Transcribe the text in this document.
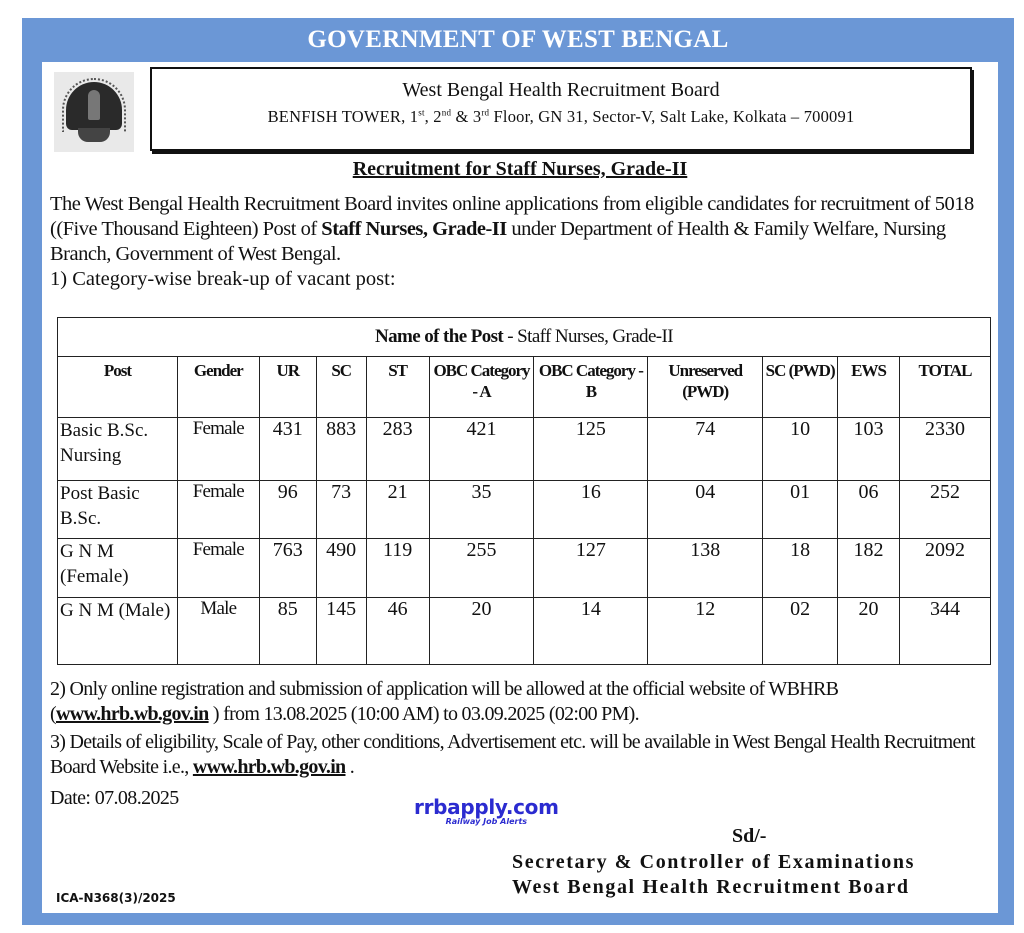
GOVERNMENT OF WEST BENGAL
West Bengal Health Recruitment Board
BENFISH TOWER, 1st, 2nd & 3rd Floor, GN 31, Sector-V, Salt Lake, Kolkata – 700091
Recruitment for Staff Nurses, Grade-II
The West Bengal Health Recruitment Board invites online applications from eligible candidates for recruitment of 5018 ((Five Thousand Eighteen) Post of Staff Nurses, Grade-II under Department of Health & Family Welfare, Nursing Branch, Government of West Bengal.
1) Category-wise break-up of vacant post:
Name of the Post - Staff Nurses, Grade-II										
Post	Gender	UR	SC	ST	OBC Category - A	OBC Category - B	Unreserved (PWD)	SC (PWD)	EWS	TOTAL
Basic B.Sc. Nursing	Female	431	883	283	421	125	74	10	103	2330
Post Basic B.Sc.	Female	96	73	21	35	16	04	01	06	252
G N M (Female)	Female	763	490	119	255	127	138	18	182	2092
G N M (Male)	Male	85	145	46	20	14	12	02	20	344
2) Only online registration and submission of application will be allowed at the official website of WBHRB (www.hrb.wb.gov.in ) from 13.08.2025 (10:00 AM) to 03.09.2025 (02:00 PM).
3) Details of eligibility, Scale of Pay, other conditions, Advertisement etc. will be available in West Bengal Health Recruitment Board Website i.e., www.hrb.wb.gov.in .
Date: 07.08.2025	rrbapply.com
Railway Job Alerts
Sd/-
Secretary & Controller of Examinations
West Bengal Health Recruitment Board
ICA-N368(3)/2025
